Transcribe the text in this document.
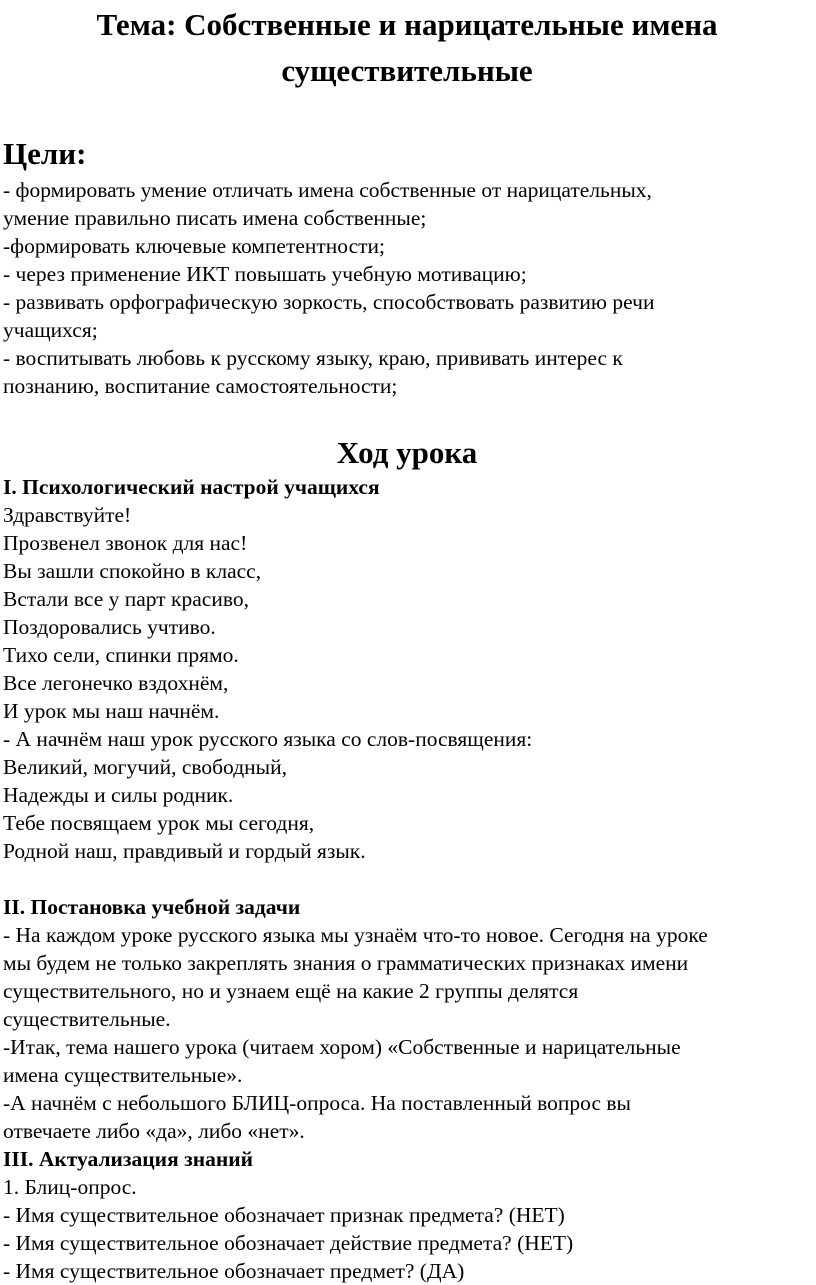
Тема: Собственные и нарицательные имена
существительные
Цели:
- формировать умение отличать имена собственные от нарицательных,
умение правильно писать имена собственные;
-формировать ключевые компетентности;
- через применение ИКТ повышать учебную мотивацию;
- развивать орфографическую зоркость, способствовать развитию речи
учащихся;
- воспитывать любовь к русскому языку, краю, прививать интерес к
познанию, воспитание самостоятельности;
Ход урока
I. Психологический настрой учащихся
Здравствуйте!
Прозвенел звонок для нас!
Вы зашли спокойно в класс,
Встали все у парт красиво,
Поздоровались учтиво.
Тихо сели, спинки прямо.
Все легонечко вздохнём,
И урок мы наш начнём.
- А начнём наш урок русского языка со слов-посвящения:
Великий, могучий, свободный,
Надежды и силы родник.
Тебе посвящаем урок мы сегодня,
Родной наш, правдивый и гордый язык.
II. Постановка учебной задачи
- На каждом уроке русского языка мы узнаём что-то новое. Сегодня на уроке
мы будем не только закреплять знания о грамматических признаках имени
существительного, но и узнаем ещё на какие 2 группы делятся
существительные.
-Итак, тема нашего урока (читаем хором) «Собственные и нарицательные
имена существительные».
-А начнём с небольшого БЛИЦ-опроса. На поставленный вопрос вы
отвечаете либо «да», либо «нет».
III. Актуализация знаний
1. Блиц-опрос.
- Имя существительное обозначает признак предмета? (НЕТ)
- Имя существительное обозначает действие предмета? (НЕТ)
- Имя существительное обозначает предмет? (ДА)
